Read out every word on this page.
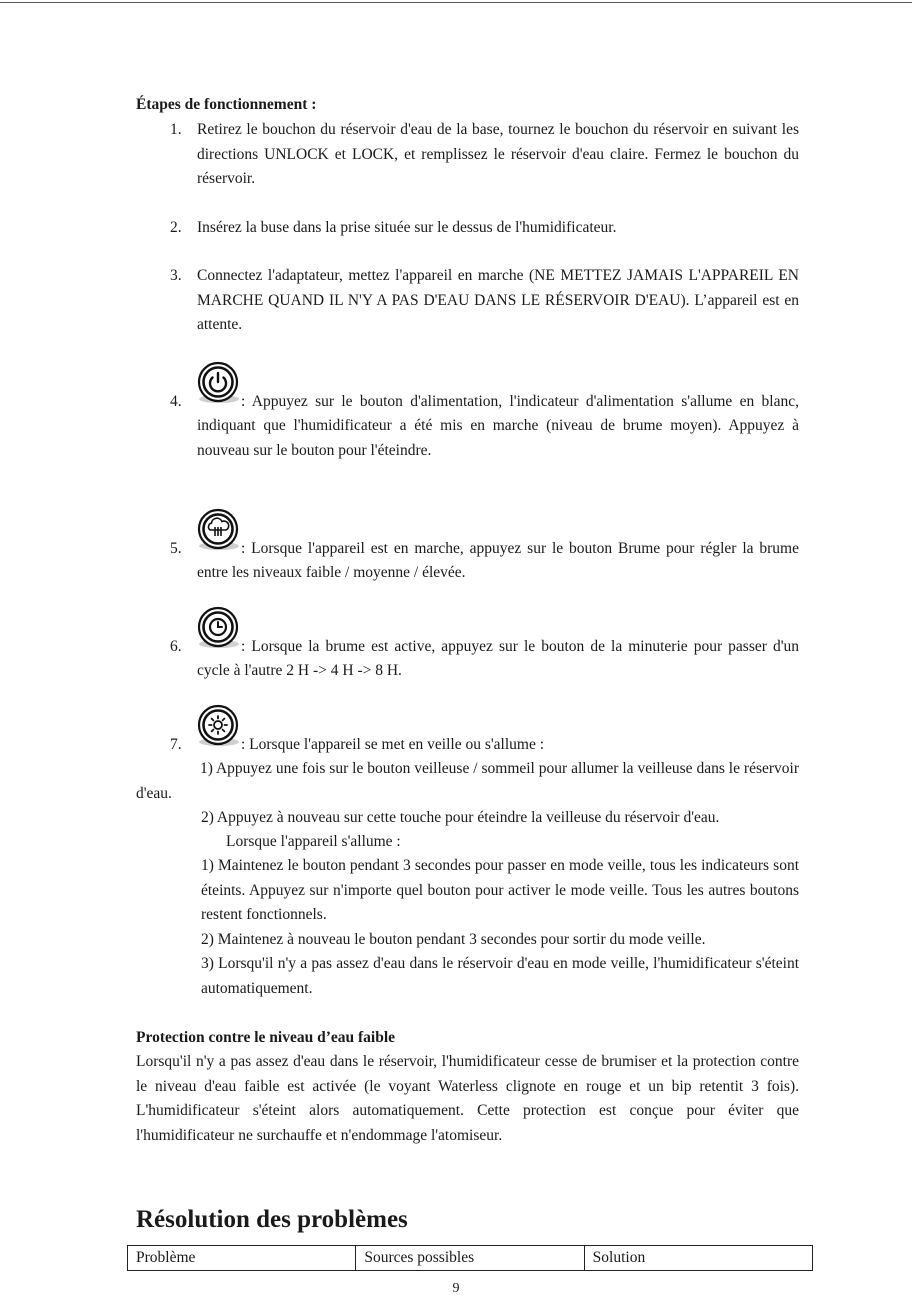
Étapes de fonctionnement :
1. Retirez le bouchon du réservoir d'eau de la base, tournez le bouchon du réservoir en suivant les directions UNLOCK et LOCK, et remplissez le réservoir d'eau claire. Fermez le bouchon du réservoir.
2. Insérez la buse dans la prise située sur le dessus de l'humidificateur.
3. Connectez l'adaptateur, mettez l'appareil en marche (NE METTEZ JAMAIS L'APPAREIL EN MARCHE QUAND IL N'Y A PAS D'EAU DANS LE RÉSERVOIR D'EAU). L’appareil est en attente.
4.	: Appuyez sur le bouton d'alimentation, l'indicateur d'alimentation s'allume en blanc,
indiquant que l'humidificateur a été mis en marche (niveau de brume moyen). Appuyez à nouveau sur le bouton pour l'éteindre.
5.	: Lorsque l'appareil est en marche, appuyez sur le bouton Brume pour régler la brume
entre les niveaux faible / moyenne / élevée.
6.	: Lorsque la brume est active, appuyez sur le bouton de la minuterie pour passer d'un
cycle à l'autre 2 H -> 4 H -> 8 H.
7.	: Lorsque l'appareil se met en veille ou s'allume :
1) Appuyez une fois sur le bouton veilleuse / sommeil pour allumer la veilleuse dans le réservoir d'eau.
2) Appuyez à nouveau sur cette touche pour éteindre la veilleuse du réservoir d'eau.
Lorsque l'appareil s'allume :
1) Maintenez le bouton pendant 3 secondes pour passer en mode veille, tous les indicateurs sont éteints. Appuyez sur n'importe quel bouton pour activer le mode veille. Tous les autres boutons restent fonctionnels.
2) Maintenez à nouveau le bouton pendant 3 secondes pour sortir du mode veille.
3) Lorsqu'il n'y a pas assez d'eau dans le réservoir d'eau en mode veille, l'humidificateur s'éteint automatiquement.
Protection contre le niveau d’eau faible
Lorsqu'il n'y a pas assez d'eau dans le réservoir, l'humidificateur cesse de brumiser et la protection contre le niveau d'eau faible est activée (le voyant Waterless clignote en rouge et un bip retentit 3 fois). L'humidificateur s'éteint alors automatiquement. Cette protection est conçue pour éviter que l'humidificateur ne surchauffe et n'endommage l'atomiseur.
Résolution des problèmes
Problème	Sources possibles	Solution
9
